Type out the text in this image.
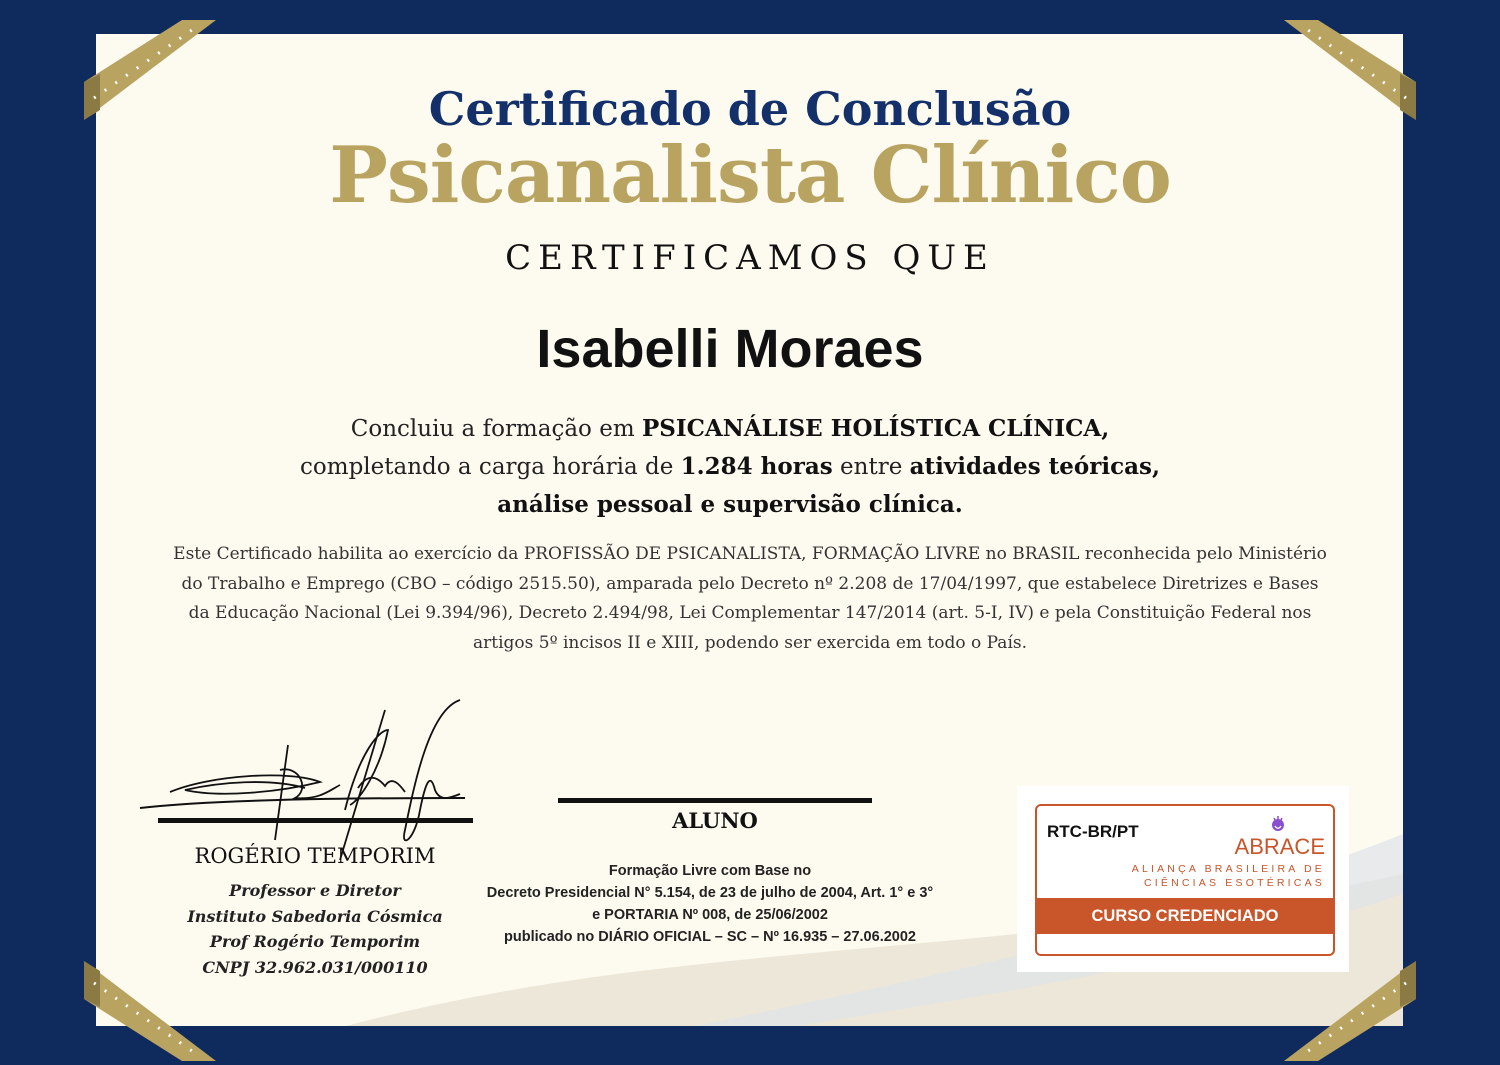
Certificado de Conclusão
Psicanalista Clínico
CERTIFICAMOS QUE
Isabelli Moraes
Concluiu a formação em PSICANÁLISE HOLÍSTICA CLÍNICA,
completando a carga horária de 1.284 horas entre atividades teóricas,
análise pessoal e supervisão clínica.
Este Certificado habilita ao exercício da PROFISSÃO DE PSICANALISTA, FORMAÇÃO LIVRE no BRASIL reconhecida pelo Ministério do Trabalho e Emprego (CBO – código 2515.50), amparada pelo Decreto nº 2.208 de 17/04/1997, que estabelece Diretrizes e Bases da Educação Nacional (Lei 9.394/96), Decreto 2.494/98, Lei Complementar 147/2014 (art. 5-I, IV) e pela Constituição Federal nos artigos 5º incisos II e XIII, podendo ser exercida em todo o País.
ROGÉRIO TEMPORIM
Professor e Diretor
Instituto Sabedoria Cósmica
Prof Rogério Temporim
CNPJ 32.962.031/000110
ALUNO
Formação Livre com Base no
Decreto Presidencial N° 5.154, de 23 de julho de 2004, Art. 1° e 3°
e PORTARIA Nº 008, de 25/06/2002
publicado no DIÁRIO OFICIAL – SC – Nº 16.935 – 27.06.2002
RTC-BR/PT
ABRACE
ALIANÇA BRASILEIRA DE
CIÊNCIAS ESOTÉRICAS
CURSO CREDENCIADO
